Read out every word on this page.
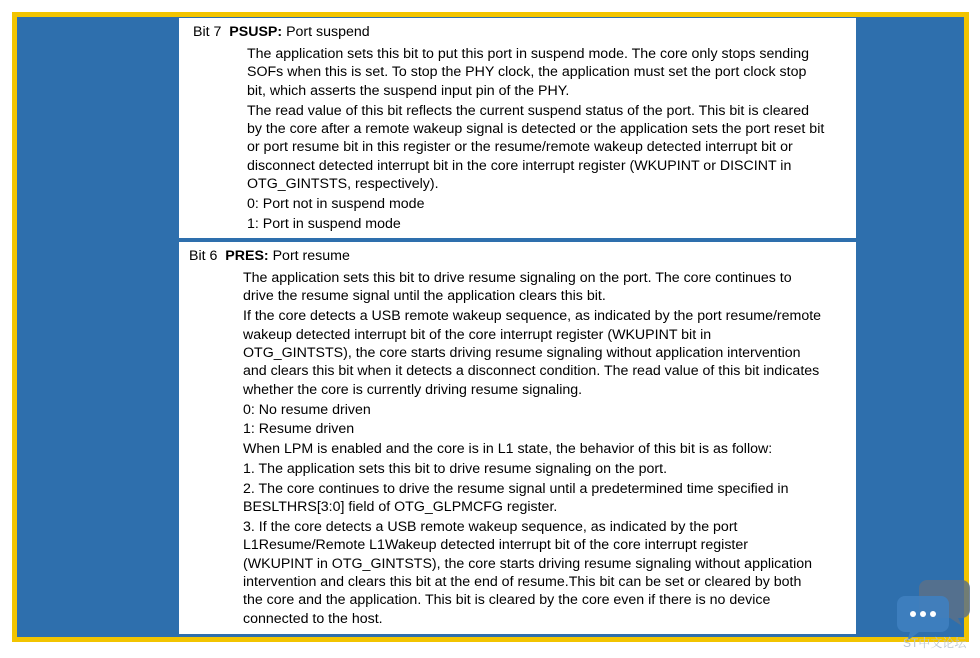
Bit 7 PSUSP: Port suspend
The application sets this bit to put this port in suspend mode. The core only stops sending
SOFs when this is set. To stop the PHY clock, the application must set the port clock stop
bit, which asserts the suspend input pin of the PHY.
The read value of this bit reflects the current suspend status of the port. This bit is cleared
by the core after a remote wakeup signal is detected or the application sets the port reset bit
or port resume bit in this register or the resume/remote wakeup detected interrupt bit or
disconnect detected interrupt bit in the core interrupt register (WKUPINT or DISCINT in
OTG_GINTSTS, respectively).
0: Port not in suspend mode
1: Port in suspend mode
Bit 6 PRES: Port resume
The application sets this bit to drive resume signaling on the port. The core continues to
drive the resume signal until the application clears this bit.
If the core detects a USB remote wakeup sequence, as indicated by the port resume/remote
wakeup detected interrupt bit of the core interrupt register (WKUPINT bit in
OTG_GINTSTS), the core starts driving resume signaling without application intervention
and clears this bit when it detects a disconnect condition. The read value of this bit indicates
whether the core is currently driving resume signaling.
0: No resume driven
1: Resume driven
When LPM is enabled and the core is in L1 state, the behavior of this bit is as follow:
1. The application sets this bit to drive resume signaling on the port.
2. The core continues to drive the resume signal until a predetermined time specified in
BESLTHRS[3:0] field of OTG_GLPMCFG register.
3. If the core detects a USB remote wakeup sequence, as indicated by the port
L1Resume/Remote L1Wakeup detected interrupt bit of the core interrupt register
(WKUPINT in OTG_GINTSTS), the core starts driving resume signaling without application
intervention and clears this bit at the end of resume.This bit can be set or cleared by both
the core and the application. This bit is cleared by the core even if there is no device
connected to the host.
ST中文论坛
